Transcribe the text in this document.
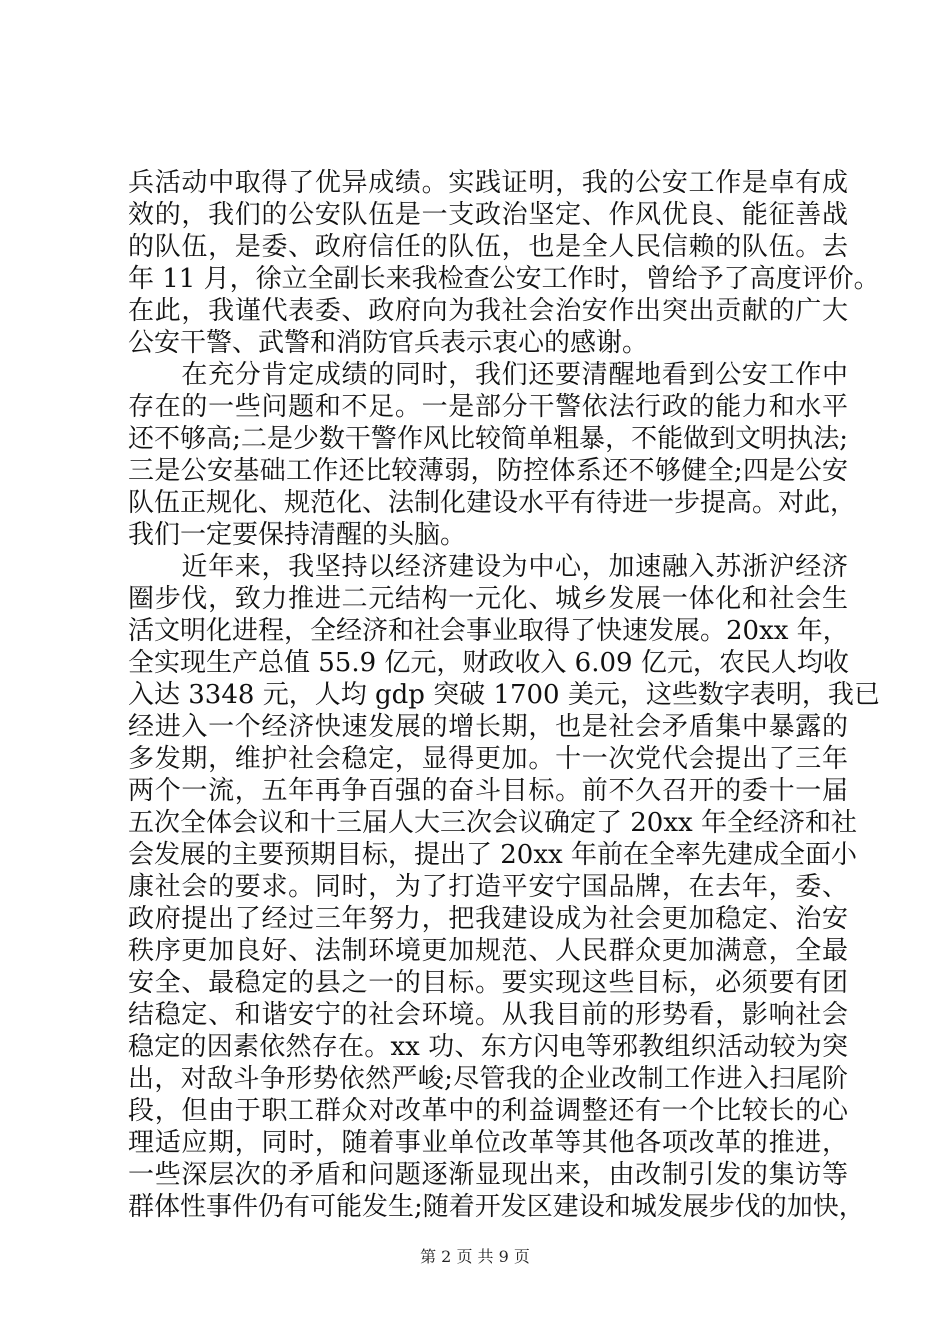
兵活动中取得了优异成绩。实践证明，我的公安工作是卓有成
效的，我们的公安队伍是一支政治坚定、作风优良、能征善战
的队伍，是委、政府信任的队伍，也是全人民信赖的队伍。去
年 11 月，徐立全副长来我检查公安工作时，曾给予了高度评价。
在此，我谨代表委、政府向为我社会治安作出突出贡献的广大
公安干警、武警和消防官兵表示衷心的感谢。
　　在充分肯定成绩的同时，我们还要清醒地看到公安工作中
存在的一些问题和不足。一是部分干警依法行政的能力和水平
还不够高;二是少数干警作风比较简单粗暴，不能做到文明执法;
三是公安基础工作还比较薄弱，防控体系还不够健全;四是公安
队伍正规化、规范化、法制化建设水平有待进一步提高。对此，
我们一定要保持清醒的头脑。
　　近年来，我坚持以经济建设为中心，加速融入苏浙沪经济
圈步伐，致力推进二元结构一元化、城乡发展一体化和社会生
活文明化进程，全经济和社会事业取得了快速发展。20xx 年，
全实现生产总值 55.9 亿元，财政收入 6.09 亿元，农民人均收
入达 3348 元，人均 gdp 突破 1700 美元，这些数字表明，我已
经进入一个经济快速发展的增长期，也是社会矛盾集中暴露的
多发期，维护社会稳定，显得更加。十一次党代会提出了三年
两个一流，五年再争百强的奋斗目标。前不久召开的委十一届
五次全体会议和十三届人大三次会议确定了 20xx 年全经济和社
会发展的主要预期目标，提出了 20xx 年前在全率先建成全面小
康社会的要求。同时，为了打造平安宁国品牌，在去年，委、
政府提出了经过三年努力，把我建设成为社会更加稳定、治安
秩序更加良好、法制环境更加规范、人民群众更加满意，全最
安全、最稳定的县之一的目标。要实现这些目标，必须要有团
结稳定、和谐安宁的社会环境。从我目前的形势看，影响社会
稳定的因素依然存在。xx 功、东方闪电等邪教组织活动较为突
出，对敌斗争形势依然严峻;尽管我的企业改制工作进入扫尾阶
段，但由于职工群众对改革中的利益调整还有一个比较长的心
理适应期，同时，随着事业单位改革等其他各项改革的推进，
一些深层次的矛盾和问题逐渐显现出来，由改制引发的集访等
群体性事件仍有可能发生;随着开发区建设和城发展步伐的加快，
第 2 页 共 9 页
